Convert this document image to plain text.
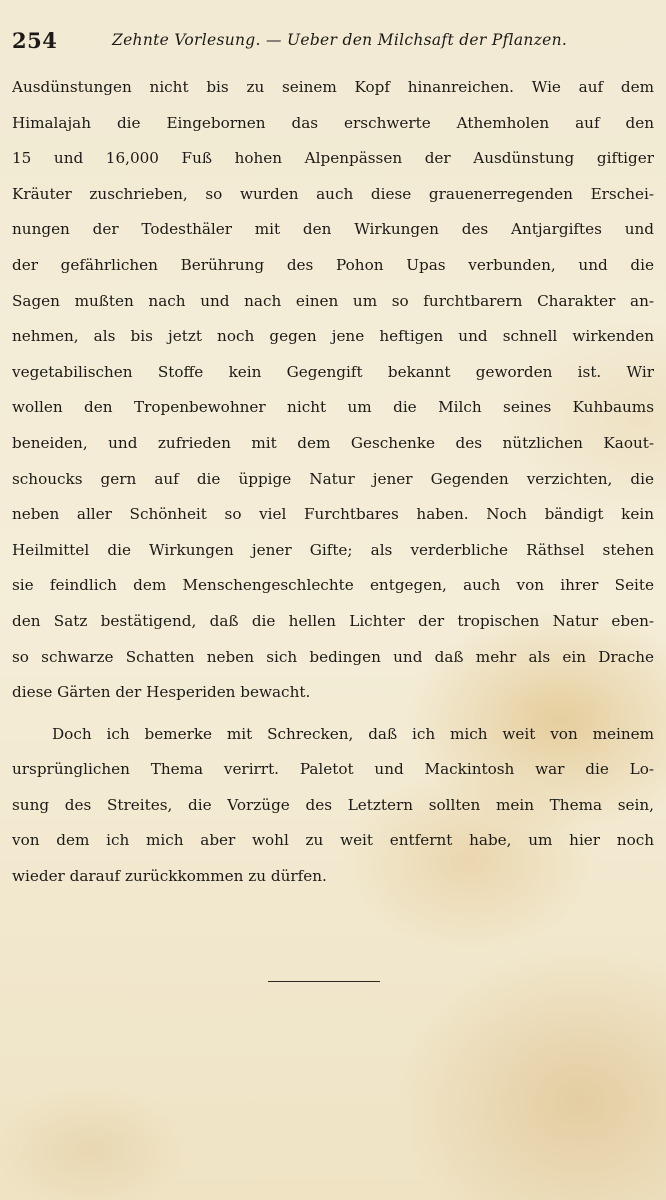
254	Zehnte Vorlesung. — Ueber den Milchsaft der Pflanzen.
Ausdünstungen nicht bis zu seinem Kopf hinanreichen. Wie auf dem
Himalajah die Eingebornen das erschwerte Athemholen auf den
15 und 16,000 Fuß hohen Alpenpässen der Ausdünstung giftiger
Kräuter zuschrieben, so wurden auch diese grauenerregenden Erschei-
nungen der Todesthäler mit den Wirkungen des Antjargiftes und
der gefährlichen Berührung des Pohon Upas verbunden, und die
Sagen mußten nach und nach einen um so furchtbarern Charakter an-
nehmen, als bis jetzt noch gegen jene heftigen und schnell wirkenden
vegetabilischen Stoffe kein Gegengift bekannt geworden ist. Wir
wollen den Tropenbewohner nicht um die Milch seines Kuhbaums
beneiden, und zufrieden mit dem Geschenke des nützlichen Kaout-
schoucks gern auf die üppige Natur jener Gegenden verzichten, die
neben aller Schönheit so viel Furchtbares haben. Noch bändigt kein
Heilmittel die Wirkungen jener Gifte; als verderbliche Räthsel stehen
sie feindlich dem Menschengeschlechte entgegen, auch von ihrer Seite
den Satz bestätigend, daß die hellen Lichter der tropischen Natur eben-
so schwarze Schatten neben sich bedingen und daß mehr als ein Drache
diese Gärten der Hesperiden bewacht.
Doch ich bemerke mit Schrecken, daß ich mich weit von meinem
ursprünglichen Thema verirrt. Paletot und Mackintosh war die Lo-
sung des Streites, die Vorzüge des Letztern sollten mein Thema sein,
von dem ich mich aber wohl zu weit entfernt habe, um hier noch
wieder darauf zurückkommen zu dürfen.
